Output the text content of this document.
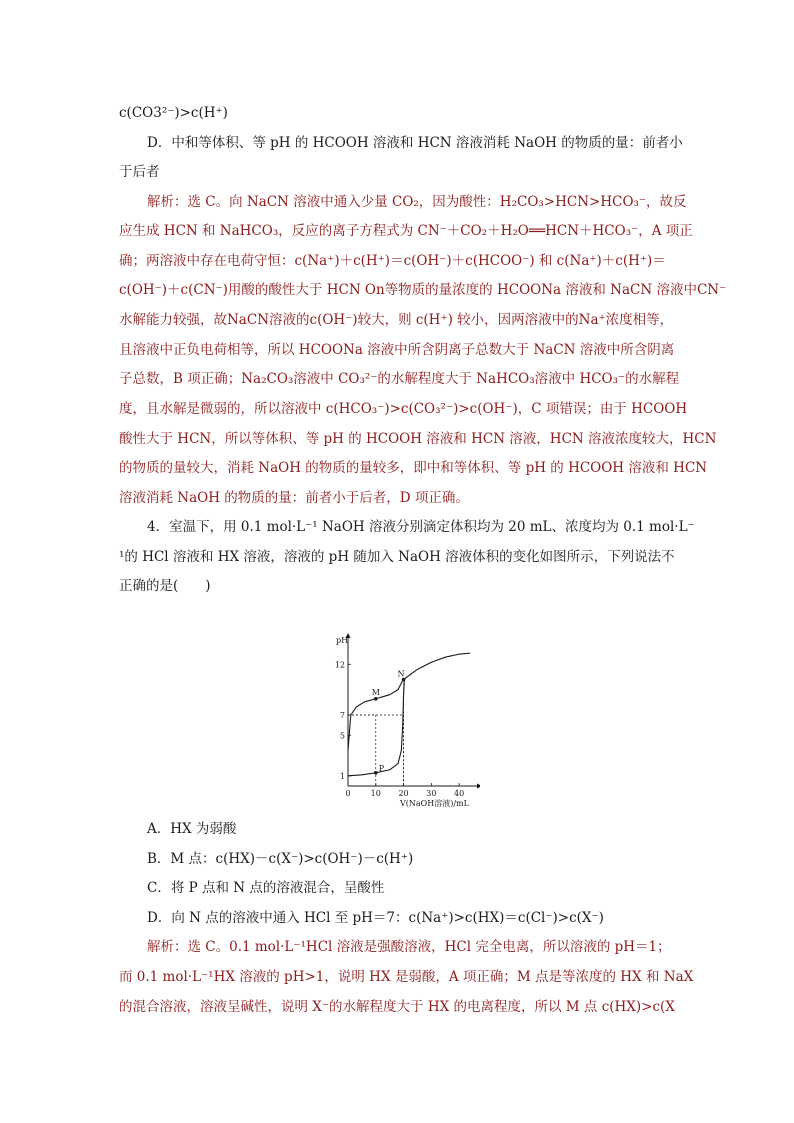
c(CO3²⁻)>c(H⁺)
D．中和等体积、等 pH 的 HCOOH 溶液和 HCN 溶液消耗 NaOH 的物质的量：前者小
于后者
解析：选 C。向 NaCN 溶液中通入少量 CO₂，因为酸性：H₂CO₃>HCN>HCO₃⁻，故反
应生成 HCN 和 NaHCO₃，反应的离子方程式为 CN⁻＋CO₂＋H₂O══HCN＋HCO₃⁻，A 项正
确；两溶液中存在电荷守恒：c(Na⁺)＋c(H⁺)＝c(OH⁻)＋c(HCOO⁻) 和 c(Na⁺)＋c(H⁺)＝
c(OH⁻)＋c(CN⁻)用酸的酸性大于 HCN On等物质的量浓度的 HCOONa 溶液和 NaCN 溶液中CN⁻
水解能力较强，故NaCN溶液的c(OH⁻)较大，则 c(H⁺) 较小，因两溶液中的Na⁺浓度相等，
且溶液中正负电荷相等，所以 HCOONa 溶液中所含阴离子总数大于 NaCN 溶液中所含阴离
子总数，B 项正确；Na₂CO₃溶液中 CO₃²⁻的水解程度大于 NaHCO₃溶液中 HCO₃⁻的水解程
度，且水解是微弱的，所以溶液中 c(HCO₃⁻)>c(CO₃²⁻)>c(OH⁻)，C 项错误；由于 HCOOH
酸性大于 HCN，所以等体积、等 pH 的 HCOOH 溶液和 HCN 溶液，HCN 溶液浓度较大，HCN
的物质的量较大，消耗 NaOH 的物质的量较多，即中和等体积、等 pH 的 HCOOH 溶液和 HCN
溶液消耗 NaOH 的物质的量：前者小于后者，D 项正确。
4．室温下，用 0.1 mol·L⁻¹ NaOH 溶液分别滴定体积均为 20 mL、浓度均为 0.1 mol·L⁻
¹的 HCl 溶液和 HX 溶液，溶液的 pH 随加入 NaOH 溶液体积的变化如图所示，下列说法不
正确的是(　　)
pH
0	10 20 30 40
1
5
7
12
M
N
P
V(NaOH溶液)/mL
A．HX 为弱酸
B．M 点：c(HX)－c(X⁻)>c(OH⁻)－c(H⁺)
C．将 P 点和 N 点的溶液混合，呈酸性
D．向 N 点的溶液中通入 HCl 至 pH＝7：c(Na⁺)>c(HX)＝c(Cl⁻)>c(X⁻)
解析：选 C。0.1 mol·L⁻¹HCl 溶液是强酸溶液，HCl 完全电离，所以溶液的 pH＝1；
而 0.1 mol·L⁻¹HX 溶液的 pH>1，说明 HX 是弱酸，A 项正确；M 点是等浓度的 HX 和 NaX
的混合溶液，溶液呈碱性，说明 X⁻的水解程度大于 HX 的电离程度，所以 M 点 c(HX)>c(X
